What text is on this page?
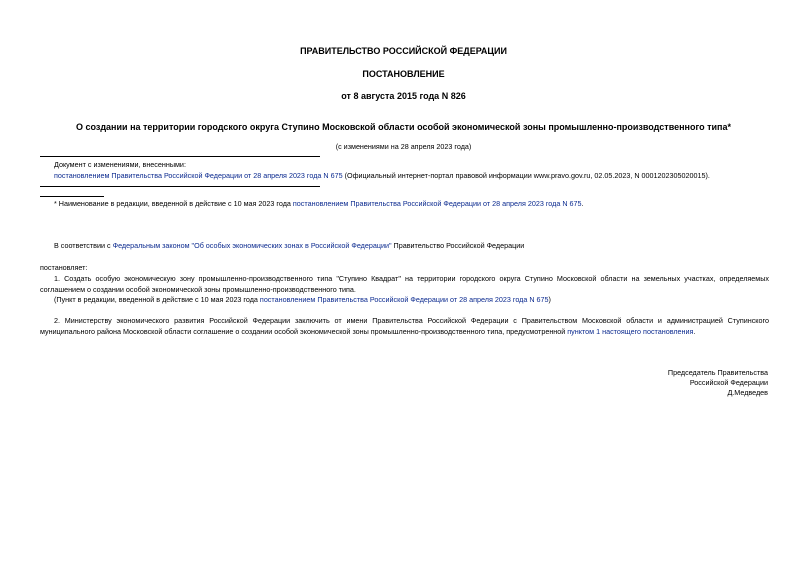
ПРАВИТЕЛЬСТВО РОССИЙСКОЙ ФЕДЕРАЦИИ
ПОСТАНОВЛЕНИЕ
от 8 августа 2015 года N 826
О создании на территории городского округа Ступино Московской области особой экономической зоны промышленно-производственного типа*
(с изменениями на 28 апреля 2023 года)
Документ с изменениями, внесенными:
постановлением Правительства Российской Федерации от 28 апреля 2023 года N 675 (Официальный интернет-портал правовой информации www.pravo.gov.ru, 02.05.2023, N 0001202305020015).
* Наименование в редакции, введенной в действие с 10 мая 2023 года постановлением Правительства Российской Федерации от 28 апреля 2023 года N 675.
В соответствии с Федеральным законом "Об особых экономических зонах в Российской Федерации" Правительство Российской Федерации
постановляет:
1. Создать особую экономическую зону промышленно-производственного типа "Ступино Квадрат" на территории городского округа Ступино Московской области на земельных участках, определяемых соглашением о создании особой экономической зоны промышленно-производственного типа.
(Пункт в редакции, введенной в действие с 10 мая 2023 года постановлением Правительства Российской Федерации от 28 апреля 2023 года N 675)
2. Министерству экономического развития Российской Федерации заключить от имени Правительства Российской Федерации с Правительством Московской области и администрацией Ступинского муниципального района Московской области соглашение о создании особой экономической зоны промышленно-производственного типа, предусмотренной пунктом 1 настоящего постановления.
Председатель Правительства
Российской Федерации
Д.Медведев
